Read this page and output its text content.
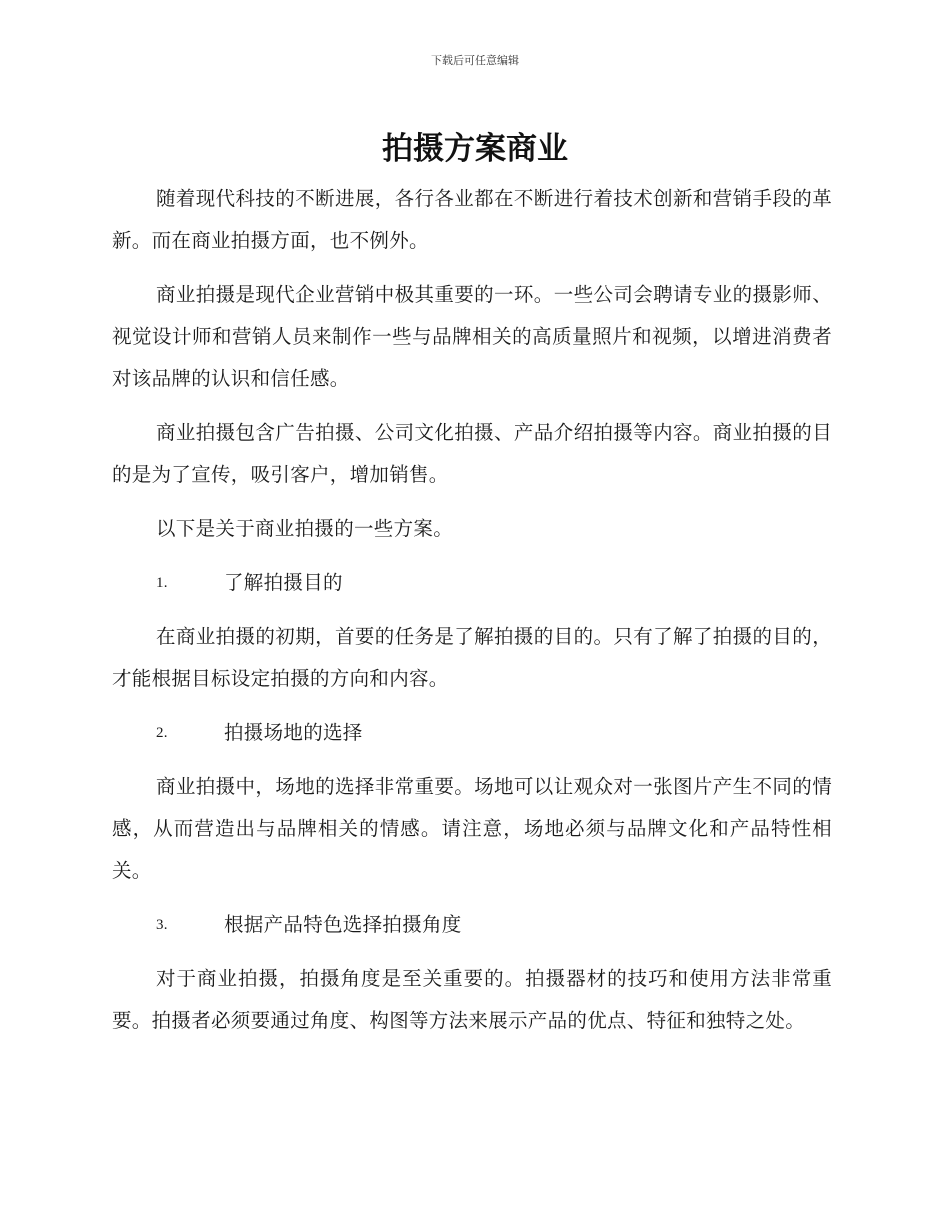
下载后可任意编辑
拍摄方案商业

随着现代科技的不断进展，各行各业都在不断进行着技术创新和营销手段的革新。而在商业拍摄方面，也不例外。

商业拍摄是现代企业营销中极其重要的一环。一些公司会聘请专业的摄影师、视觉设计师和营销人员来制作一些与品牌相关的高质量照片和视频，以增进消费者对该品牌的认识和信任感。

商业拍摄包含广告拍摄、公司文化拍摄、产品介绍拍摄等内容。商业拍摄的目的是为了宣传，吸引客户，增加销售。

以下是关于商业拍摄的一些方案。

1.	了解拍摄目的

在商业拍摄的初期，首要的任务是了解拍摄的目的。只有了解了拍摄的目的，才能根据目标设定拍摄的方向和内容。

2.	拍摄场地的选择

商业拍摄中，场地的选择非常重要。场地可以让观众对一张图片产生不同的情感，从而营造出与品牌相关的情感。请注意，场地必须与品牌文化和产品特性相关。

3.	根据产品特色选择拍摄角度

对于商业拍摄，拍摄角度是至关重要的。拍摄器材的技巧和使用方法非常重要。拍摄者必须要通过角度、构图等方法来展示产品的优点、特征和独特之处。
